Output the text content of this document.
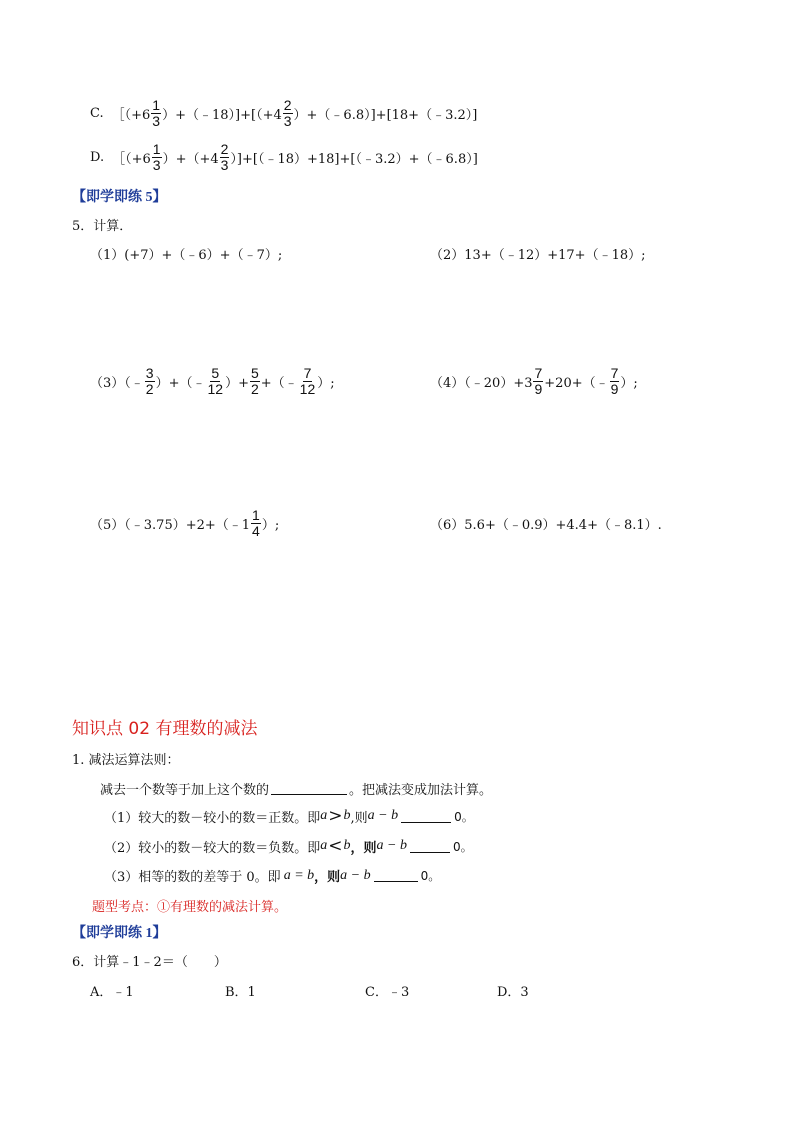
C. ［（+6 $\frac{1}{3}$ ）+（﹣18）]+[（+4 $\frac{2}{3}$ ）+（﹣6.8）]+[18+（﹣3.2）]
D. ［（+6 $\frac{1}{3} )+(+4 \frac{2}{3}$ ）]+[（﹣18）+18]+[（﹣3.2）+（﹣6.8）]
【即学即练 5】
5．计算．
（1）(+7）+（﹣6）+（﹣7）;	（2）13+（﹣12）+17+（﹣18）;
（3）（﹣ $\frac{3}{2}$ ）+（﹣ $\frac{5}{12}$ ）+ $\frac{5}{2}$ +（﹣ $\frac{7}{12}$ ）;	（4）（﹣20）+3 $\frac{7}{9}$ +20+（﹣ $\frac{7}{9}$ ）;
（5）（﹣3.75）+2+（﹣1 $\frac{1}{4}$ ）;	（6）5.6+（﹣0.9）+4.4+（﹣8.1）.
知识点 02 有理数的减法
1. 减法运算法则：
减去一个数等于加上这个数的	。把减法变成加法计算。
（1）较大的数－较小的数＝正数。即 a > b ,则 a − b	0。
（2）较小的数－较大的数＝负数。即 a < b ，则 a − b	0。
（3）相等的数的差等于 0。即 a = b ，则 a − b	0。
题型考点：①有理数的减法计算。
【即学即练 1】
6．计算﹣1﹣2＝（　　）
A．﹣1	B．1	C．﹣3	D．3
